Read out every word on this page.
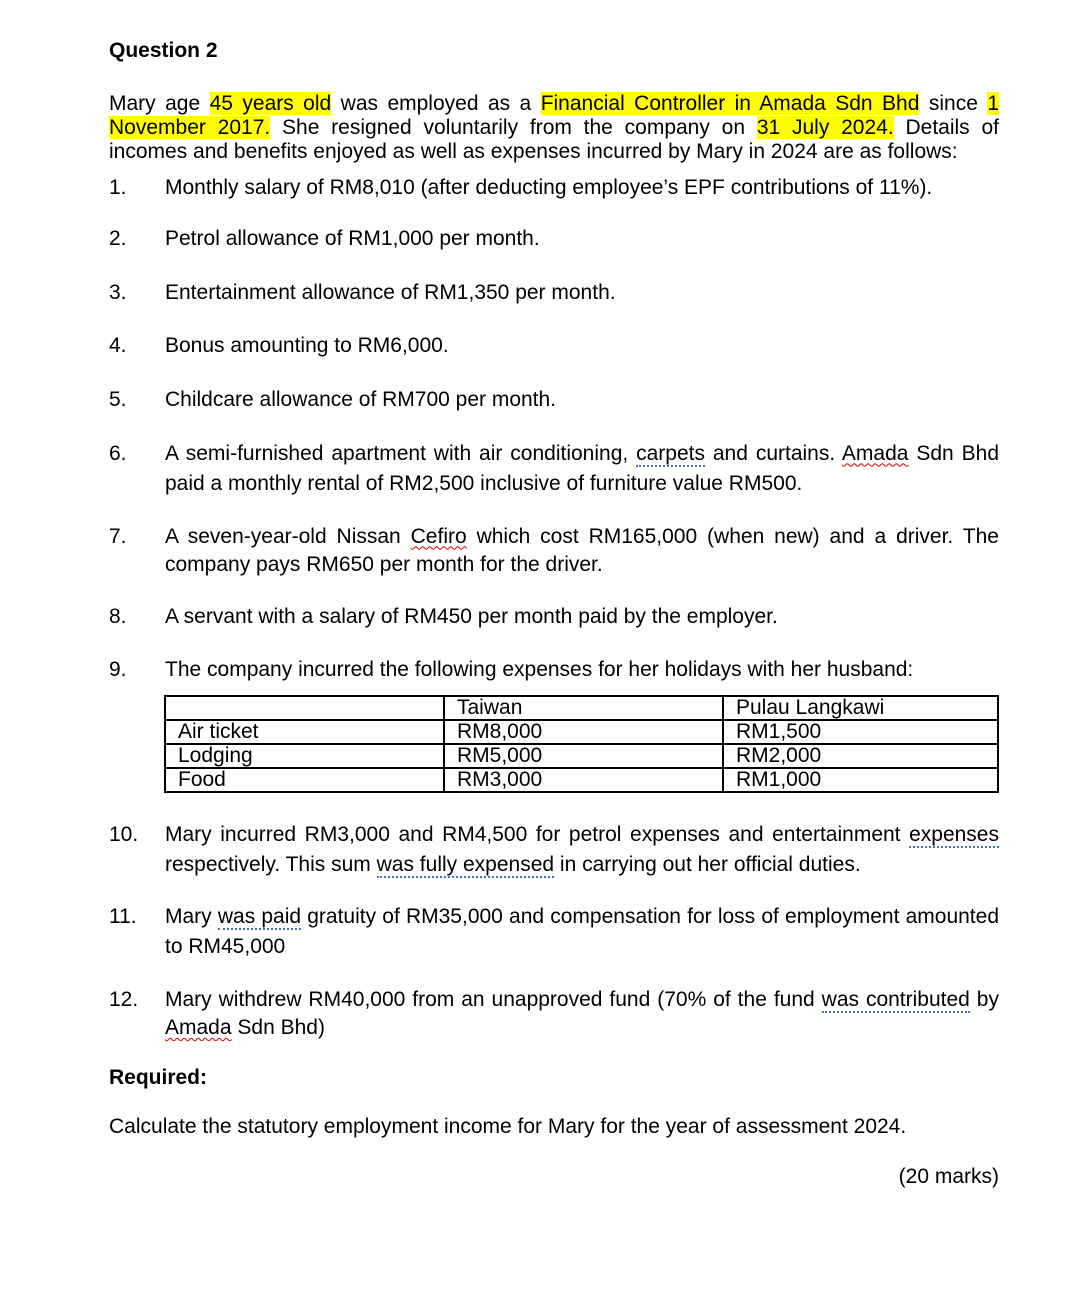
Question 2
Mary age 45 years old was employed as a Financial Controller in Amada Sdn Bhd since 1 November 2017. She resigned voluntarily from the company on 31 July 2024. Details of incomes and benefits enjoyed as well as expenses incurred by Mary in 2024 are as follows:
1.	Monthly salary of RM8,010 (after deducting employee’s EPF contributions of 11%).
2.	Petrol allowance of RM1,000 per month.
3.	Entertainment allowance of RM1,350 per month.
4.	Bonus amounting to RM6,000.
5.	Childcare allowance of RM700 per month.
6.	A semi-furnished apartment with air conditioning, carpets and curtains. Amada Sdn Bhd paid a monthly rental of RM2,500 inclusive of furniture value RM500.
7.	A seven-year-old Nissan Cefiro which cost RM165,000 (when new) and a driver. The company pays RM650 per month for the driver.
8.	A servant with a salary of RM450 per month paid by the employer.
9.	The company incurred the following expenses for her holidays with her husband:
	Taiwan	Pulau Langkawi
Air ticket	RM8,000	RM1,500
Lodging	RM5,000	RM2,000
Food	RM3,000	RM1,000
10.	Mary incurred RM3,000 and RM4,500 for petrol expenses and entertainment expenses respectively. This sum was fully expensed in carrying out her official duties.
11.	Mary was paid gratuity of RM35,000 and compensation for loss of employment amounted to RM45,000
12.	Mary withdrew RM40,000 from an unapproved fund (70% of the fund was contributed by Amada Sdn Bhd)
Required:
Calculate the statutory employment income for Mary for the year of assessment 2024.
(20 marks)
